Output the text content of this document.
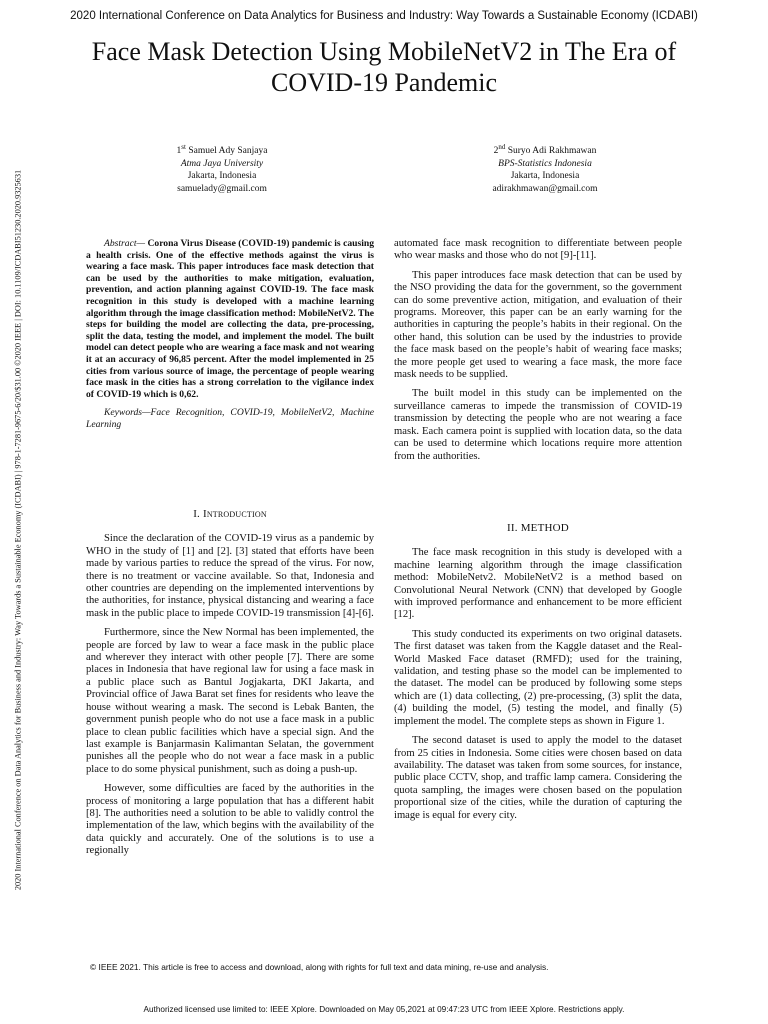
2020 International Conference on Data Analytics for Business and Industry: Way Towards a Sustainable Economy (ICDABI)
Face Mask Detection Using MobileNetV2 in The Era of COVID-19 Pandemic
2020 International Conference on Data Analytics for Business and Industry: Way Towards a Sustainable Economy (ICDABI) | 978-1-7281-9675-6/20/$31.00 ©2020 IEEE | DOI: 10.1109/ICDABI51230.2020.9325631
1st Samuel Ady Sanjaya
Atma Jaya University
Jakarta, Indonesia
samuelady@gmail.com
2nd Suryo Adi Rakhmawan
BPS-Statistics Indonesia
Jakarta, Indonesia
adirakhmawan@gmail.com

Abstract— Corona Virus Disease (COVID-19) pandemic is causing a health crisis. One of the effective methods against the virus is wearing a face mask. This paper introduces face mask detection that can be used by the authorities to make mitigation, evaluation, prevention, and action planning against COVID-19. The face mask recognition in this study is developed with a machine learning algorithm through the image classification method: MobileNetV2. The steps for building the model are collecting the data, pre-processing, split the data, testing the model, and implement the model. The built model can detect people who are wearing a face mask and not wearing it at an accuracy of 96,85 percent. After the model implemented in 25 cities from various source of image, the percentage of people wearing face mask in the cities has a strong correlation to the vigilance index of COVID-19 which is 0,62.

Keywords—Face Recognition, COVID-19, MobileNetV2, Machine Learning

I. Introduction

Since the declaration of the COVID-19 virus as a pandemic by WHO in the study of [1] and [2]. [3] stated that efforts have been made by various parties to reduce the spread of the virus. For now, there is no treatment or vaccine available. So that, Indonesia and other countries are depending on the implemented interventions by the authorities, for instance, physical distancing and wearing a face mask in the public place to impede COVID-19 transmission [4]-[6].

Furthermore, since the New Normal has been implemented, the people are forced by law to wear a face mask in the public place and wherever they interact with other people [7]. There are some places in Indonesia that have regional law for using a face mask in a public place such as Bantul Jogjakarta, DKI Jakarta, and Provincial office of Jawa Barat set fines for residents who leave the house without wearing a mask. The second is Lebak Banten, the government punish people who do not use a face mask in a public place to clean public facilities which have a special sign. And the last example is Banjarmasin Kalimantan Selatan, the government punishes all the people who do not wear a face mask in a public place to do some physical punishment, such as doing a push-up.

However, some difficulties are faced by the authorities in the process of monitoring a large population that has a different habit [8]. The authorities need a solution to be able to validly control the implementation of the law, which begins with the availability of the data quickly and accurately. One of the solutions is to use a regionally

automated face mask recognition to differentiate between people who wear masks and those who do not [9]-[11].

This paper introduces face mask detection that can be used by the NSO providing the data for the government, so the government can do some preventive action, mitigation, and evaluation of their programs. Moreover, this paper can be an early warning for the authorities in capturing the people’s habits in their regional. On the other hand, this solution can be used by the industries to provide the face mask based on the people’s habit of wearing face masks; the more people get used to wearing a face mask, the more face mask needs to be supplied.

The built model in this study can be implemented on the surveillance cameras to impede the transmission of COVID-19 transmission by detecting the people who are not wearing a face mask. Each camera point is supplied with location data, so the data can be used to determine which locations require more attention from the authorities.

II. METHOD

The face mask recognition in this study is developed with a machine learning algorithm through the image classification method: MobileNetv2. MobileNetV2 is a method based on Convolutional Neural Network (CNN) that developed by Google with improved performance and enhancement to be more efficient [12].

This study conducted its experiments on two original datasets. The first dataset was taken from the Kaggle dataset and the Real-World Masked Face dataset (RMFD); used for the training, validation, and testing phase so the model can be implemented to the dataset. The model can be produced by following some steps which are (1) data collecting, (2) pre-processing, (3) split the data, (4) building the model, (5) testing the model, and finally (5) implement the model. The complete steps as shown in Figure 1.

The second dataset is used to apply the model to the dataset from 25 cities in Indonesia. Some cities were chosen based on data availability. The dataset was taken from some sources, for instance, public place CCTV, shop, and traffic lamp camera. Considering the quota sampling, the images were chosen based on the population proportional size of the cities, while the duration of capturing the image is equal for every city.

© IEEE 2021. This article is free to access and download, along with rights for full text and data mining, re-use and analysis.
Authorized licensed use limited to: IEEE Xplore. Downloaded on May 05,2021 at 09:47:23 UTC from IEEE Xplore. Restrictions apply.
